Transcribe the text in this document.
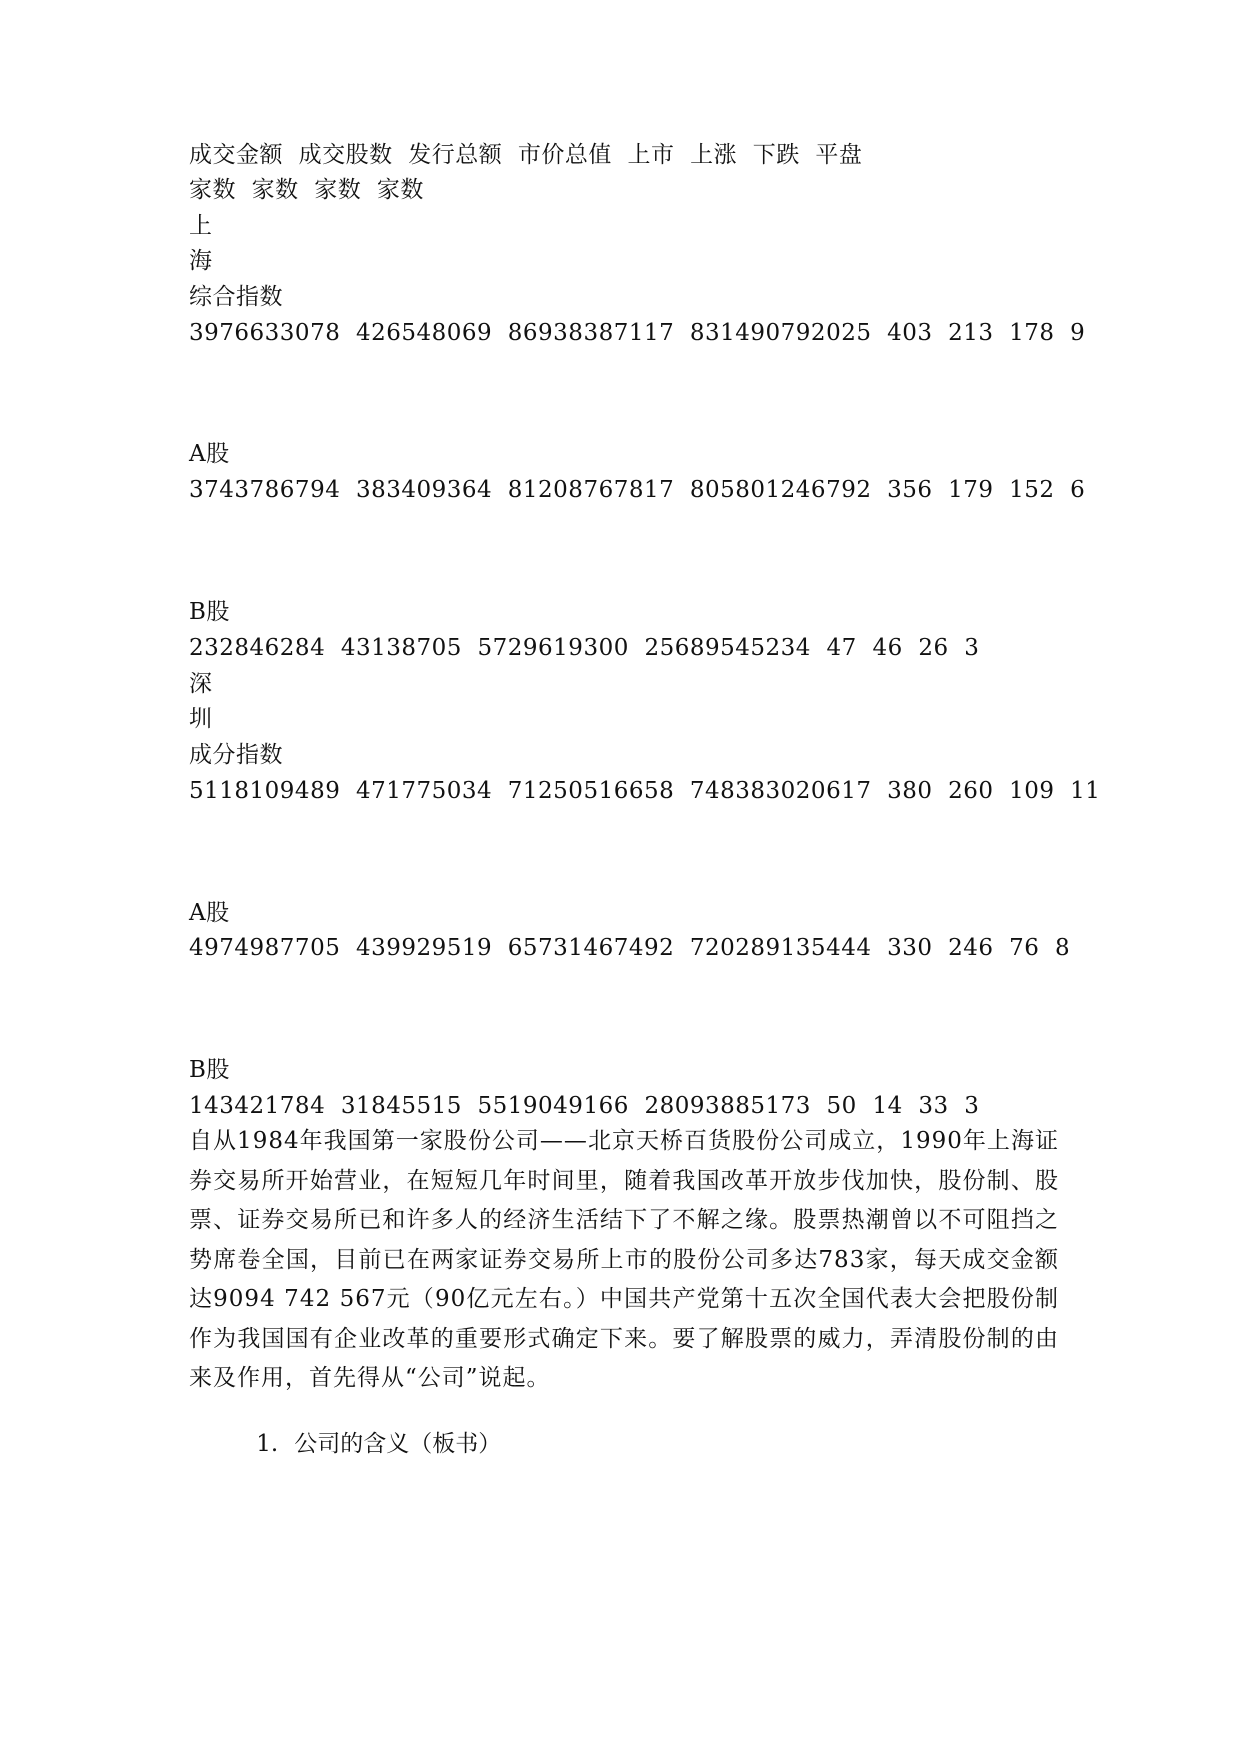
成交金额  成交股数  发行总额  市价总值  上市  上涨  下跌  平盘
家数  家数  家数  家数
上
海
综合指数
3976633078  426548069  86938387117  831490792025  403  213  178  9
A股
3743786794  383409364  81208767817  805801246792  356  179  152  6
B股
232846284  43138705  5729619300  25689545234  47  46  26  3
深
圳
成分指数
5118109489  471775034  71250516658  748383020617  380  260  109  11
A股
4974987705  439929519  65731467492  720289135444  330  246  76  8
B股
143421784  31845515  5519049166  28093885173  50  14  33  3
自从1984年我国第一家股份公司——北京天桥百货股份公司成立，1990年上海证券交易所开始营业，在短短几年时间里，随着我国改革开放步伐加快，股份制、股票、证券交易所已和许多人的经济生活结下了不解之缘。股票热潮曾以不可阻挡之势席卷全国，目前已在两家证券交易所上市的股份公司多达783家，每天成交金额达9094 742 567元（90亿元左右。）中国共产党第十五次全国代表大会把股份制作为我国国有企业改革的重要形式确定下来。要了解股票的威力，弄清股份制的由来及作用，首先得从“公司”说起。

1. 公司的含义（板书）
